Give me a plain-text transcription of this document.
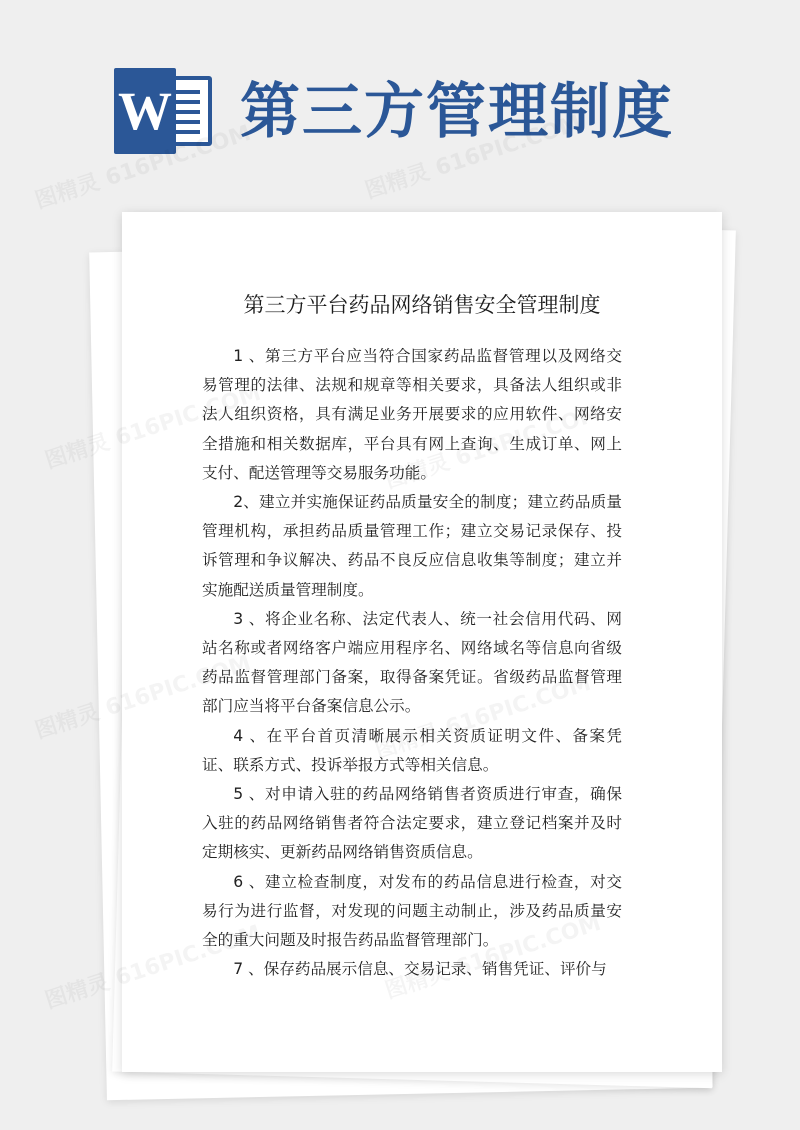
W 第三方管理制度
第三方平台药品网络销售安全管理制度

1 、第三方平台应当符合国家药品监督管理以及网络交易管理的法律、法规和规章等相关要求，具备法人组织或非法人组织资格，具有满足业务开展要求的应用软件、网络安全措施和相关数据库，平台具有网上查询、生成订单、网上支付、配送管理等交易服务功能。

2、建立并实施保证药品质量安全的制度；建立药品质量管理机构，承担药品质量管理工作；建立交易记录保存、投诉管理和争议解决、药品不良反应信息收集等制度；建立并实施配送质量管理制度。

3 、将企业名称、法定代表人、统一社会信用代码、网站名称或者网络客户端应用程序名、网络域名等信息向省级药品监督管理部门备案，取得备案凭证。省级药品监督管理部门应当将平台备案信息公示。

4 、在平台首页清晰展示相关资质证明文件、备案凭证、联系方式、投诉举报方式等相关信息。

5 、对申请入驻的药品网络销售者资质进行审查，确保入驻的药品网络销售者符合法定要求，建立登记档案并及时定期核实、更新药品网络销售资质信息。

6 、建立检查制度，对发布的药品信息进行检查，对交易行为进行监督，对发现的问题主动制止，涉及药品质量安全的重大问题及时报告药品监督管理部门。

7 、保存药品展示信息、交易记录、销售凭证、评价与
